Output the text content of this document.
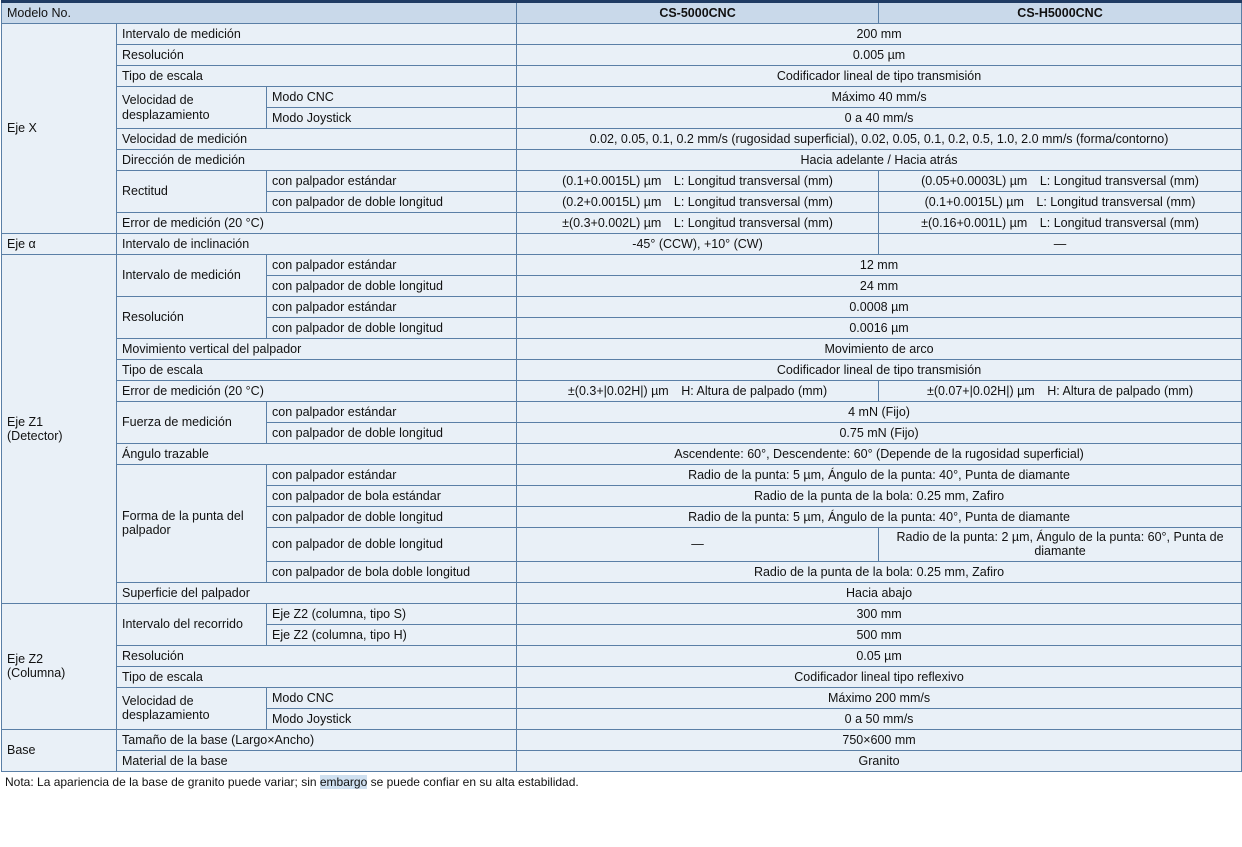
Modelo No.			CS-5000CNC	CS-H5000CNC
Eje X	Intervalo de medición		200 mm	
	Resolución		0.005 µm	
	Tipo de escala		Codificador lineal de tipo transmisión	
	Velocidad de desplazamiento	Modo CNC	Máximo 40 mm/s	
		Modo Joystick	0 a 40 mm/s	
	Velocidad de medición		0.02, 0.05, 0.1, 0.2 mm/s (rugosidad superficial), 0.02, 0.05, 0.1, 0.2, 0.5, 1.0, 2.0 mm/s (forma/contorno)	
	Dirección de medición		Hacia adelante / Hacia atrás	
	Rectitud	con palpador estándar	(0.1+0.0015L) µm L: Longitud transversal (mm)	(0.05+0.0003L) µm L: Longitud transversal (mm)
		con palpador de doble longitud	(0.2+0.0015L) µm L: Longitud transversal (mm)	(0.1+0.0015L) µm L: Longitud transversal (mm)
	Error de medición (20 °C)		±(0.3+0.002L) µm L: Longitud transversal (mm)	±(0.16+0.001L) µm L: Longitud transversal (mm)
Eje α	Intervalo de inclinación		-45° (CCW), +10° (CW)	—
Eje Z1
(Detector)	Intervalo de medición	con palpador estándar	12 mm	
		con palpador de doble longitud	24 mm	
	Resolución	con palpador estándar	0.0008 µm	
		con palpador de doble longitud	0.0016 µm	
	Movimiento vertical del palpador		Movimiento de arco	
	Tipo de escala		Codificador lineal de tipo transmisión	
	Error de medición (20 °C)		±(0.3+|0.02H|) µm H: Altura de palpado (mm)	±(0.07+|0.02H|) µm H: Altura de palpado (mm)
	Fuerza de medición	con palpador estándar	4 mN (Fijo)	
		con palpador de doble longitud	0.75 mN (Fijo)	
	Ángulo trazable		Ascendente: 60°, Descendente: 60° (Depende de la rugosidad superficial)	
	Forma de la punta del palpador	con palpador estándar	Radio de la punta: 5 µm, Ángulo de la punta: 40°, Punta de diamante	
		con palpador de bola estándar	Radio de la punta de la bola: 0.25 mm, Zafiro	
		con palpador de doble longitud	Radio de la punta: 5 µm, Ángulo de la punta: 40°, Punta de diamante	
		con palpador de doble longitud	—	Radio de la punta: 2 µm, Ángulo de la punta: 60°, Punta de diamante
		con palpador de bola doble longitud	Radio de la punta de la bola: 0.25 mm, Zafiro	
	Superficie del palpador		Hacia abajo	
Eje Z2
(Columna)	Intervalo del recorrido	Eje Z2 (columna, tipo S)	300 mm	
		Eje Z2 (columna, tipo H)	500 mm	
	Resolución		0.05 µm	
	Tipo de escala		Codificador lineal tipo reflexivo	
	Velocidad de desplazamiento	Modo CNC	Máximo 200 mm/s	
		Modo Joystick	0 a 50 mm/s	
Base	Tamaño de la base (Largo×Ancho)		750×600 mm	
	Material de la base		Granito	
Nota: La apariencia de la base de granito puede variar; sin embargo se puede confiar en su alta estabilidad.
